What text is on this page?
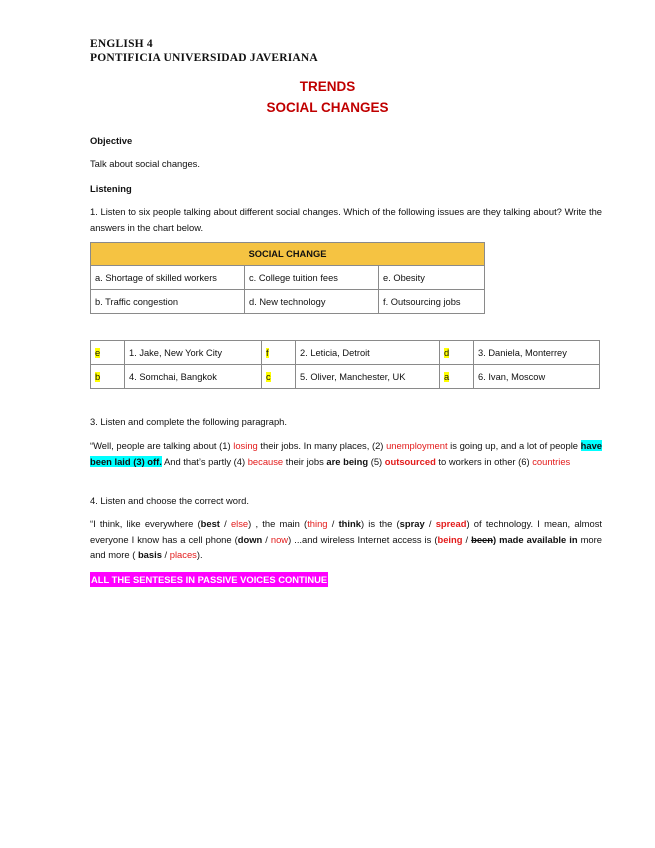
ENGLISH 4
PONTIFICIA UNIVERSIDAD JAVERIANA
TRENDS
SOCIAL CHANGES
Objective
Talk about social changes.
Listening
1. Listen to six people talking about different social changes. Which of the following issues are they talking about? Write the answers in the chart below.
SOCIAL CHANGE		
a. Shortage of skilled workers	c. College tuition fees	e. Obesity
b. Traffic congestion	d. New technology	f. Outsourcing jobs
e	1. Jake, New York City	f	2. Leticia, Detroit	d	3. Daniela, Monterrey
b	4. Somchai, Bangkok	c	5. Oliver, Manchester, UK	a	6. Ivan, Moscow
3. Listen and complete the following paragraph.
“Well, people are talking about (1) losing their jobs. In many places, (2) unemployment is going up, and a lot of people have been laid (3) off. And that’s partly (4) because their jobs are being (5) outsourced to workers in other (6) countries
4. Listen and choose the correct word.
“I think, like everywhere (best / else) , the main (thing / think) is the (spray / spread) of technology. I mean, almost everyone I know has a cell phone (down / now) ...and wireless Internet access is (being / been) made available in more and more ( basis / places).
ALL THE SENTESES IN PASSIVE VOICES CONTINUE
